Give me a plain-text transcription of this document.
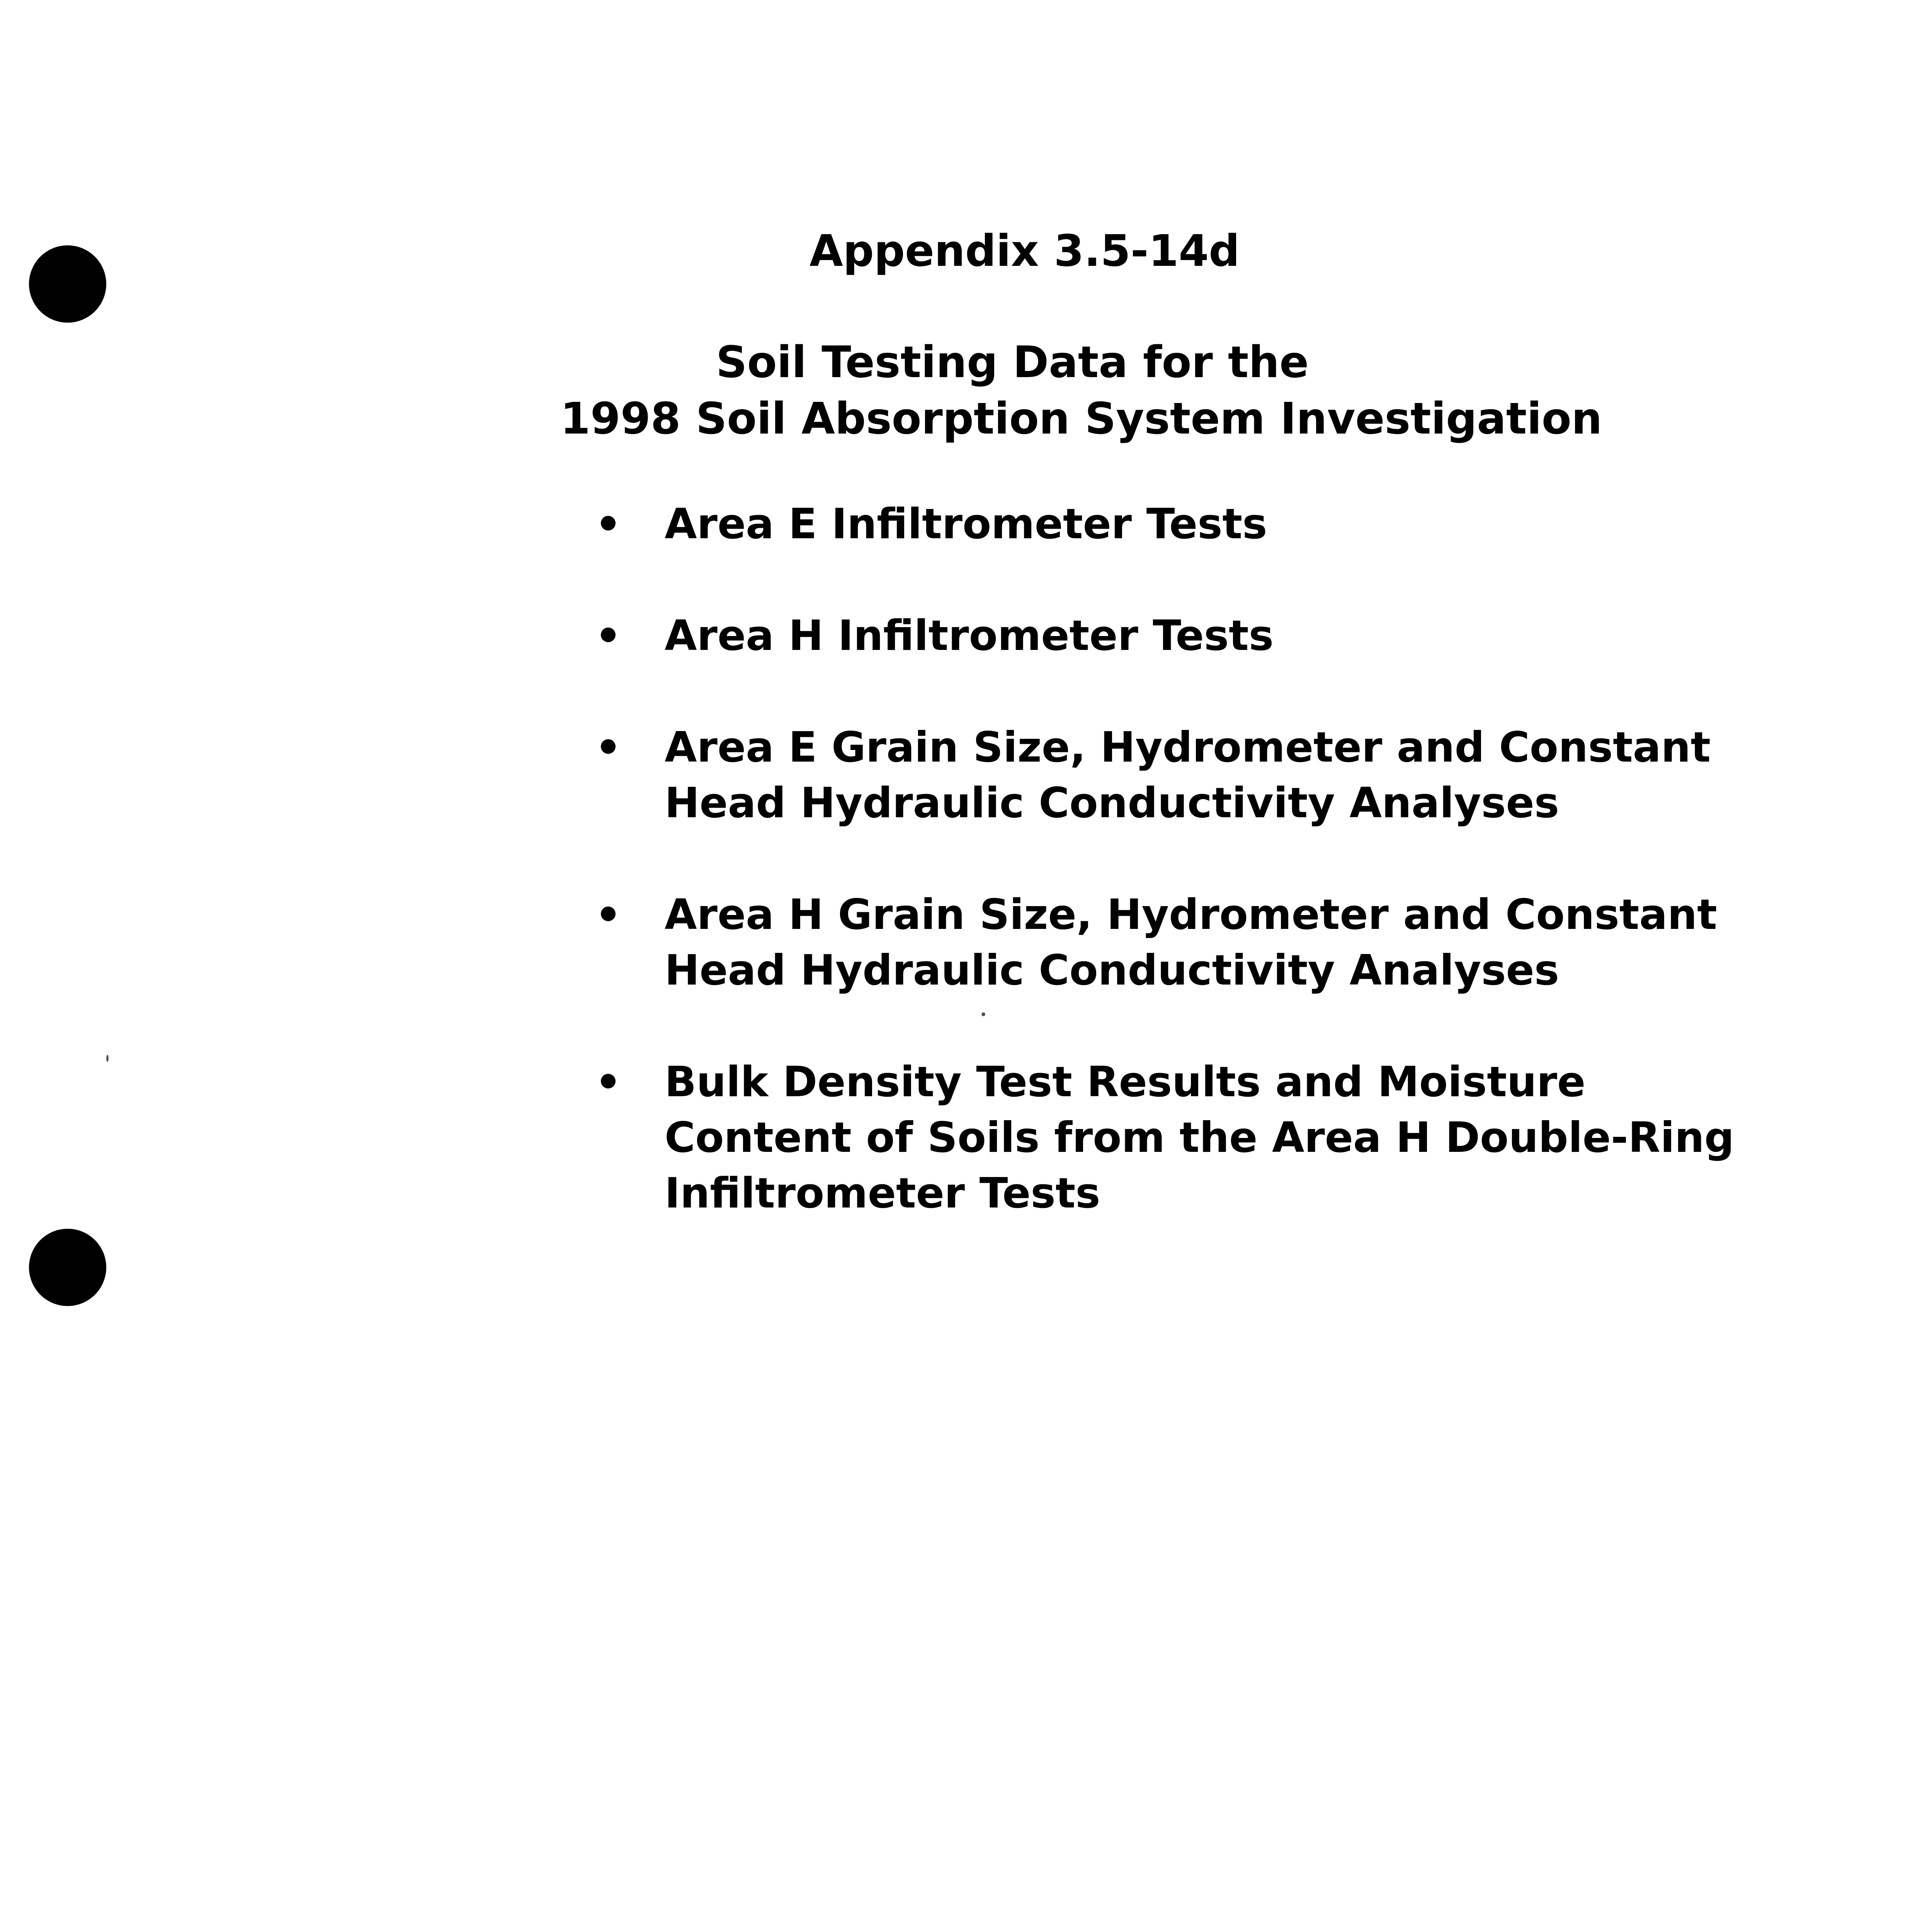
Appendix 3.5-14d
Soil Testing Data for the
1998 Soil Absorption System Investigation
Area E Infiltrometer Tests
Area H Infiltrometer Tests
Area E Grain Size, Hydrometer and Constant Head Hydraulic Conductivity Analyses
Area H Grain Size, Hydrometer and Constant Head Hydraulic Conductivity Analyses
Bulk Density Test Results and Moisture Content of Soils from the Area H Double-Ring Infiltrometer Tests
